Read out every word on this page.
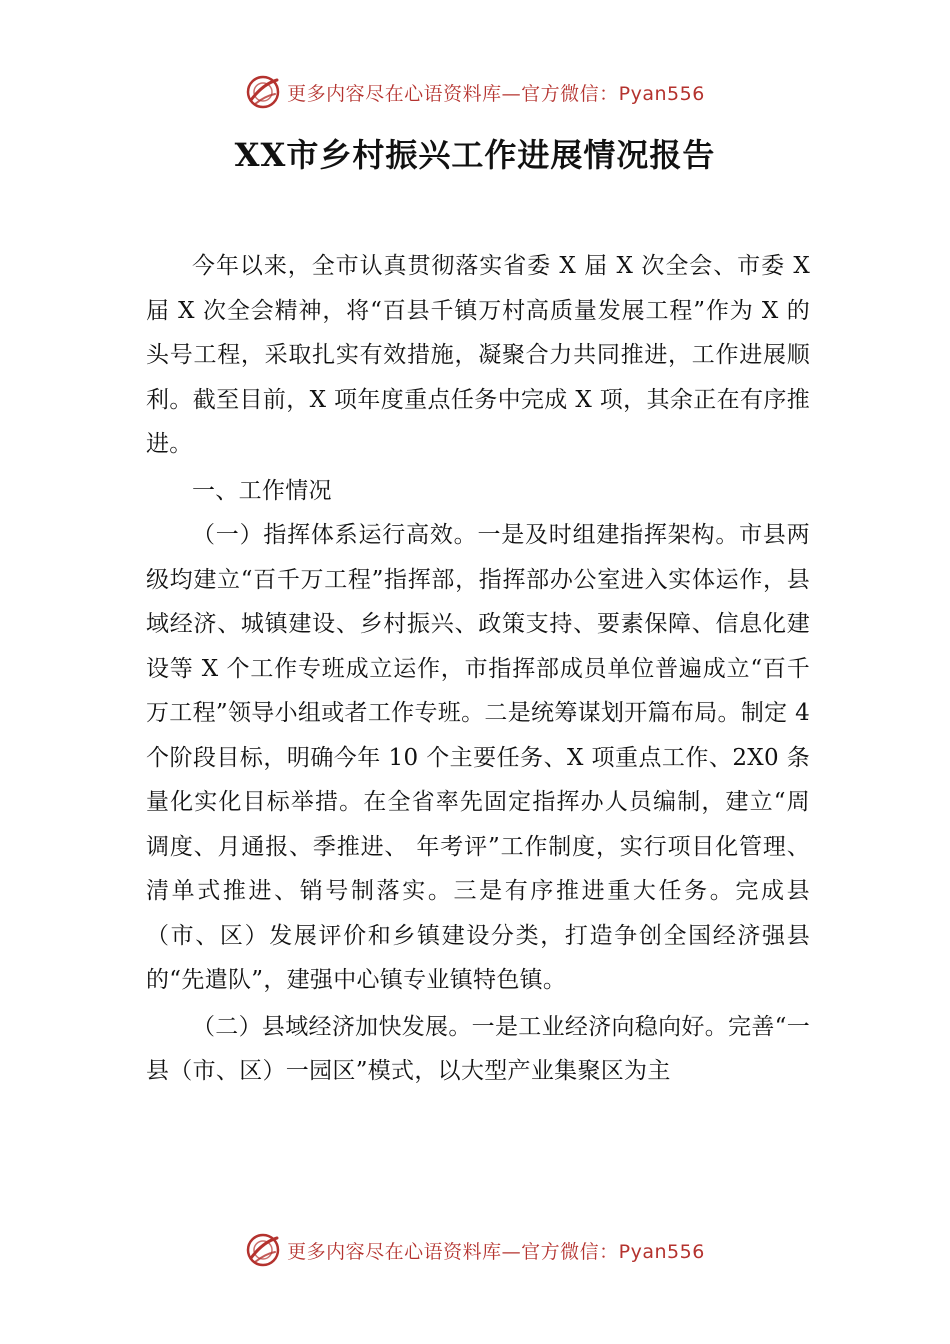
更多内容尽在心语资料库—官方微信：Pyan556
XX市乡村振兴工作进展情况报告

今年以来，全市认真贯彻落实省委 X 届 X 次全会、市委 X 届 X 次全会精神，将“百县千镇万村高质量发展工程”作为 X 的头号工程，采取扎实有效措施，凝聚合力共同推进，工作进展顺利。截至目前，X 项年度重点任务中完成 X 项，其余正在有序推进。

一、工作情况

（一）指挥体系运行高效。一是及时组建指挥架构。市县两级均建立“百千万工程”指挥部，指挥部办公室进入实体运作，县域经济、城镇建设、乡村振兴、政策支持、要素保障、信息化建设等 X 个工作专班成立运作，市指挥部成员单位普遍成立“百千万工程”领导小组或者工作专班。二是统筹谋划开篇布局。制定 4 个阶段目标，明确今年 10 个主要任务、X 项重点工作、2X0 条量化实化目标举措。在全省率先固定指挥办人员编制，建立“周调度、月通报、季推进、 年考评”工作制度，实行项目化管理、清单式推进、销号制落实。三是有序推进重大任务。完成县（市、区）发展评价和乡镇建设分类，打造争创全国经济强县的“先遣队”，建强中心镇专业镇特色镇。

（二）县域经济加快发展。一是工业经济向稳向好。完善“一县（市、区）一园区”模式，以大型产业集聚区为主

更多内容尽在心语资料库—官方微信：Pyan556
